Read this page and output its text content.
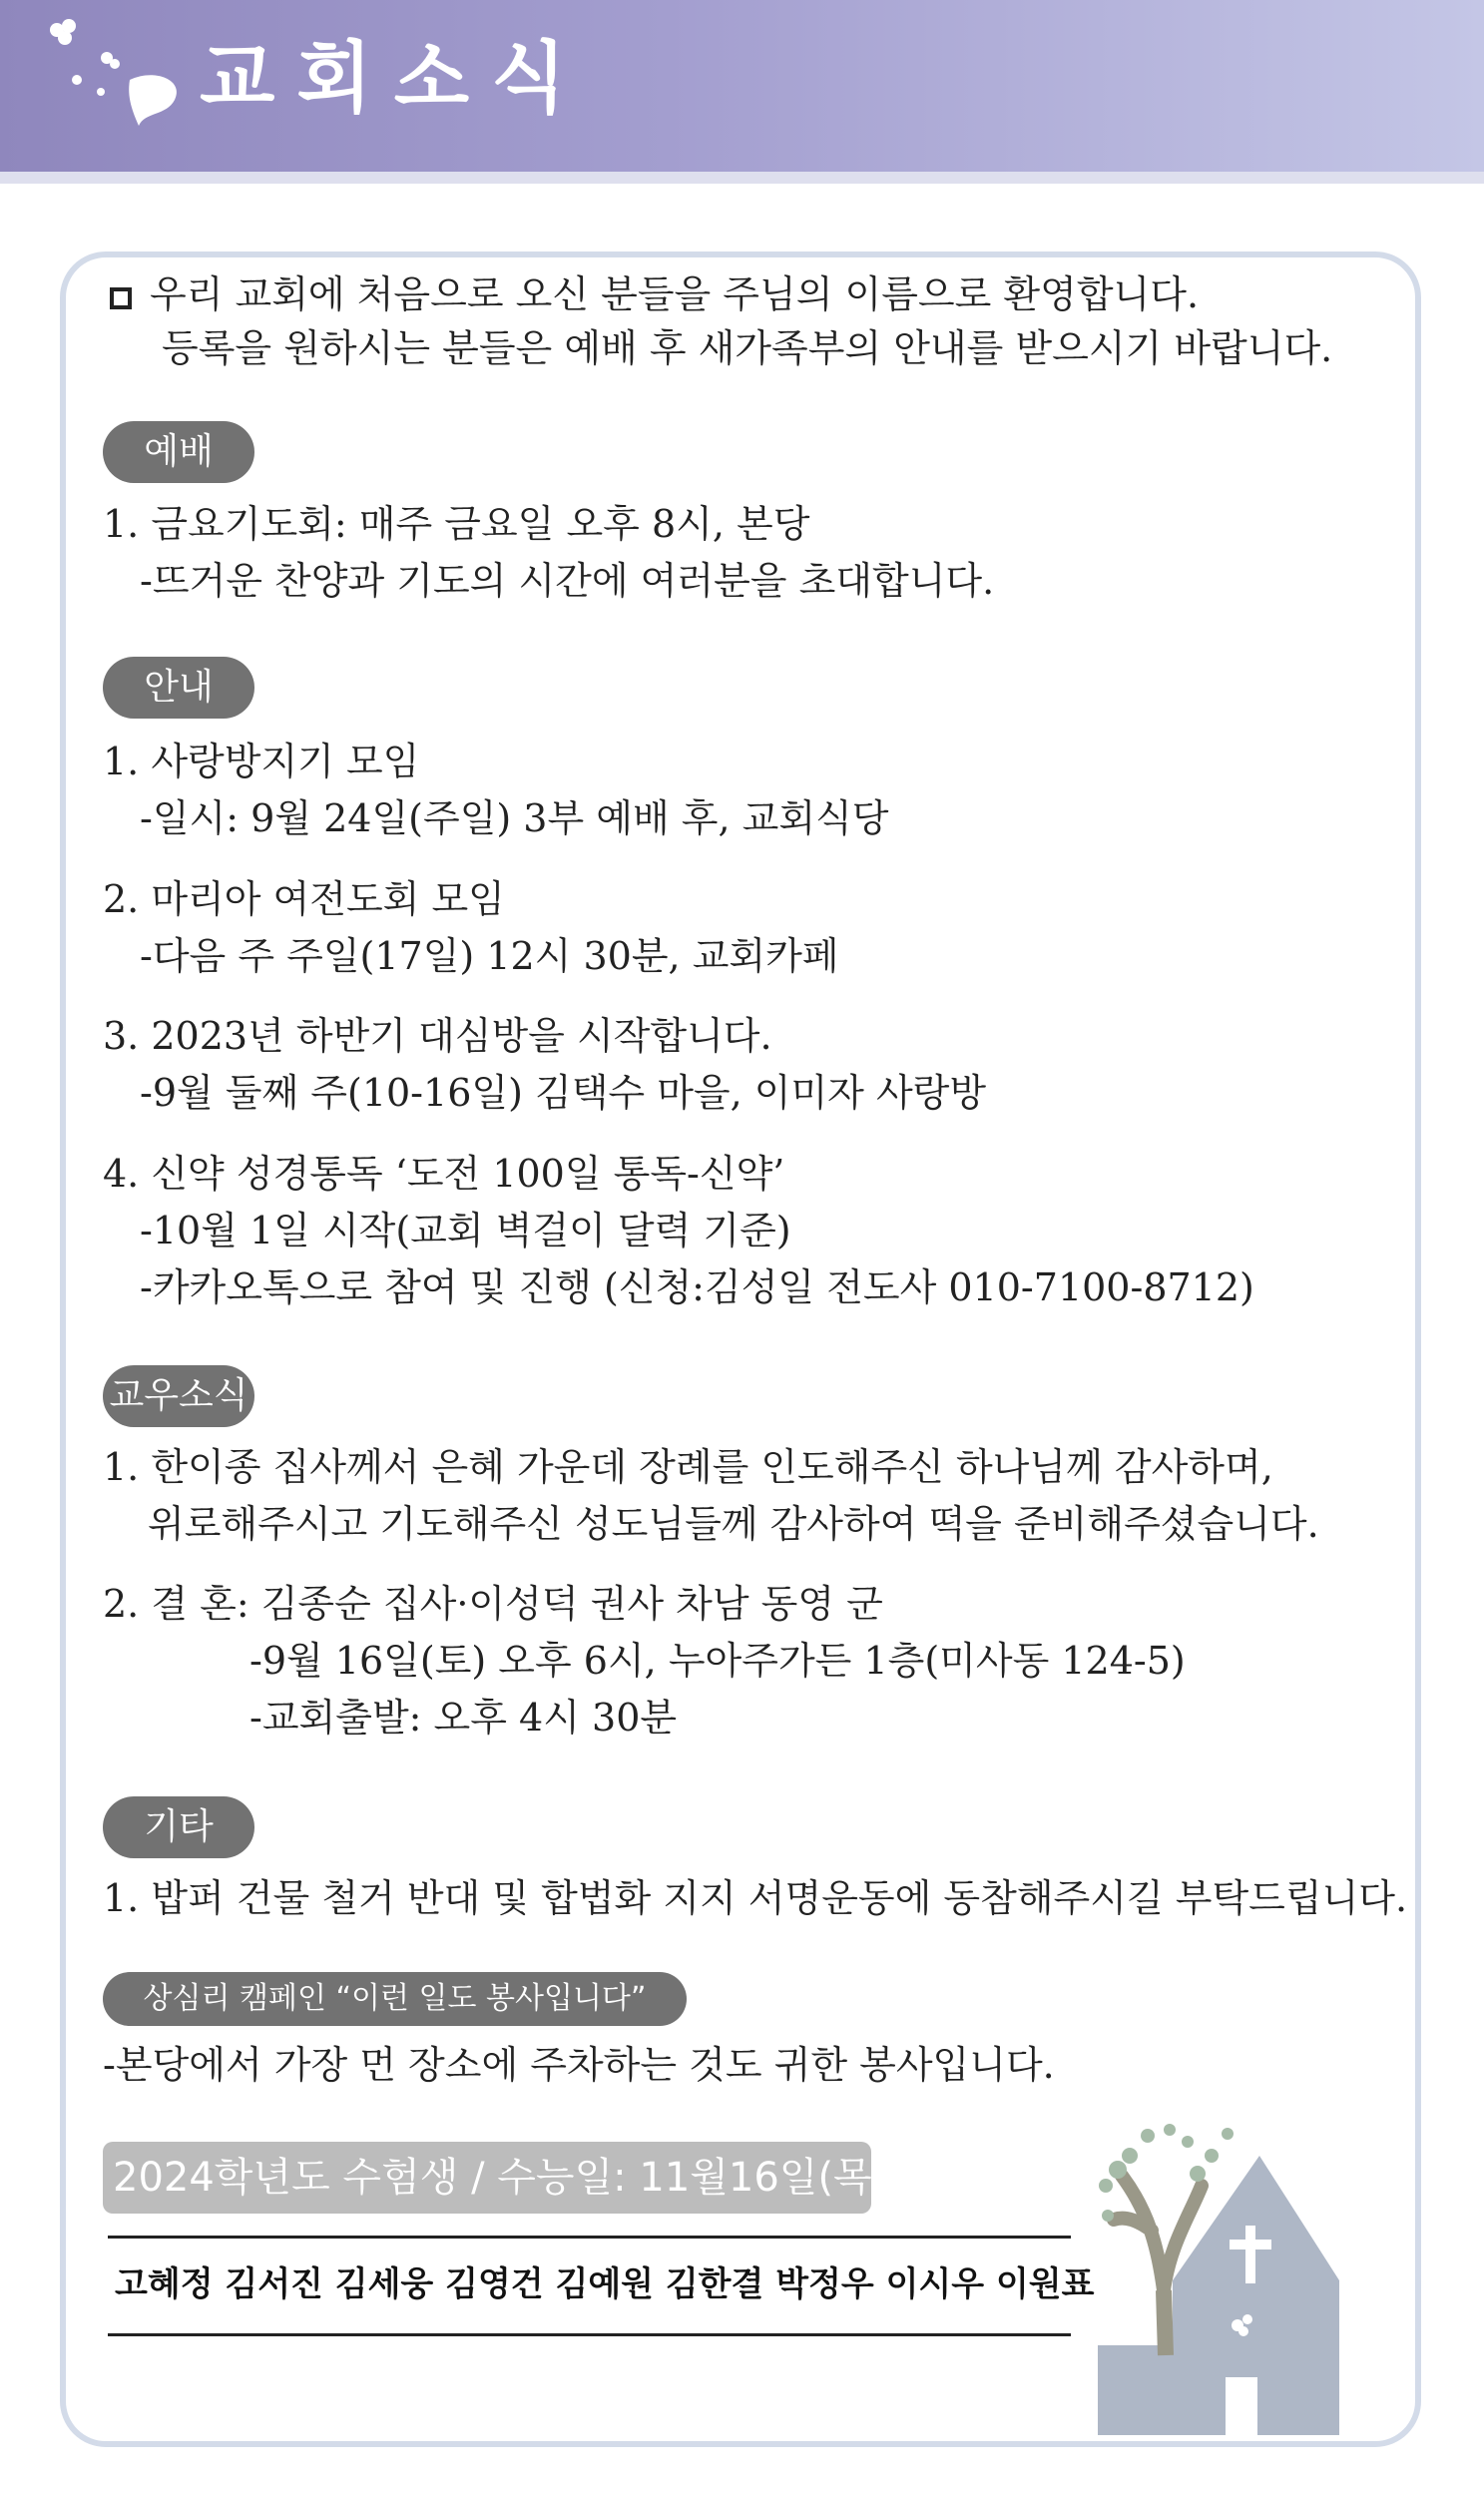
교회소식
우리 교회에 처음으로 오신 분들을 주님의 이름으로 환영합니다.
등록을 원하시는 분들은 예배 후 새가족부의 안내를 받으시기 바랍니다.
예배
1. 금요기도회: 매주 금요일 오후 8시, 본당
-뜨거운 찬양과 기도의 시간에 여러분을 초대합니다.
안내
1. 사랑방지기 모임
-일시: 9월 24일(주일) 3부 예배 후, 교회식당
2. 마리아 여전도회 모임
-다음 주 주일(17일) 12시 30분, 교회카페
3. 2023년 하반기 대심방을 시작합니다.
-9월 둘째 주(10-16일) 김택수 마을, 이미자 사랑방
4. 신약 성경통독 ‘도전 100일 통독-신약’
-10월 1일 시작(교회 벽걸이 달력 기준)
-카카오톡으로 참여 및 진행 (신청:김성일 전도사 010-7100-8712)
교우소식
1. 한이종 집사께서 은혜 가운데 장례를 인도해주신 하나님께 감사하며,
위로해주시고 기도해주신 성도님들께 감사하여 떡을 준비해주셨습니다.
2. 결 혼: 김종순 집사·이성덕 권사 차남 동영 군
-9월 16일(토) 오후 6시, 누아주가든 1층(미사동 124-5)
-교회출발: 오후 4시 30분
기타
1. 밥퍼 건물 철거 반대 및 합법화 지지 서명운동에 동참해주시길 부탁드립니다.
상심리 캠페인 “이런 일도 봉사입니다”
-본당에서 가장 먼 장소에 주차하는 것도 귀한 봉사입니다.
2024학년도 수험생 / 수능일: 11월16일(목)
고혜정 김서진 김세웅 김영건 김예원 김한결 박정우 이시우 이원표
